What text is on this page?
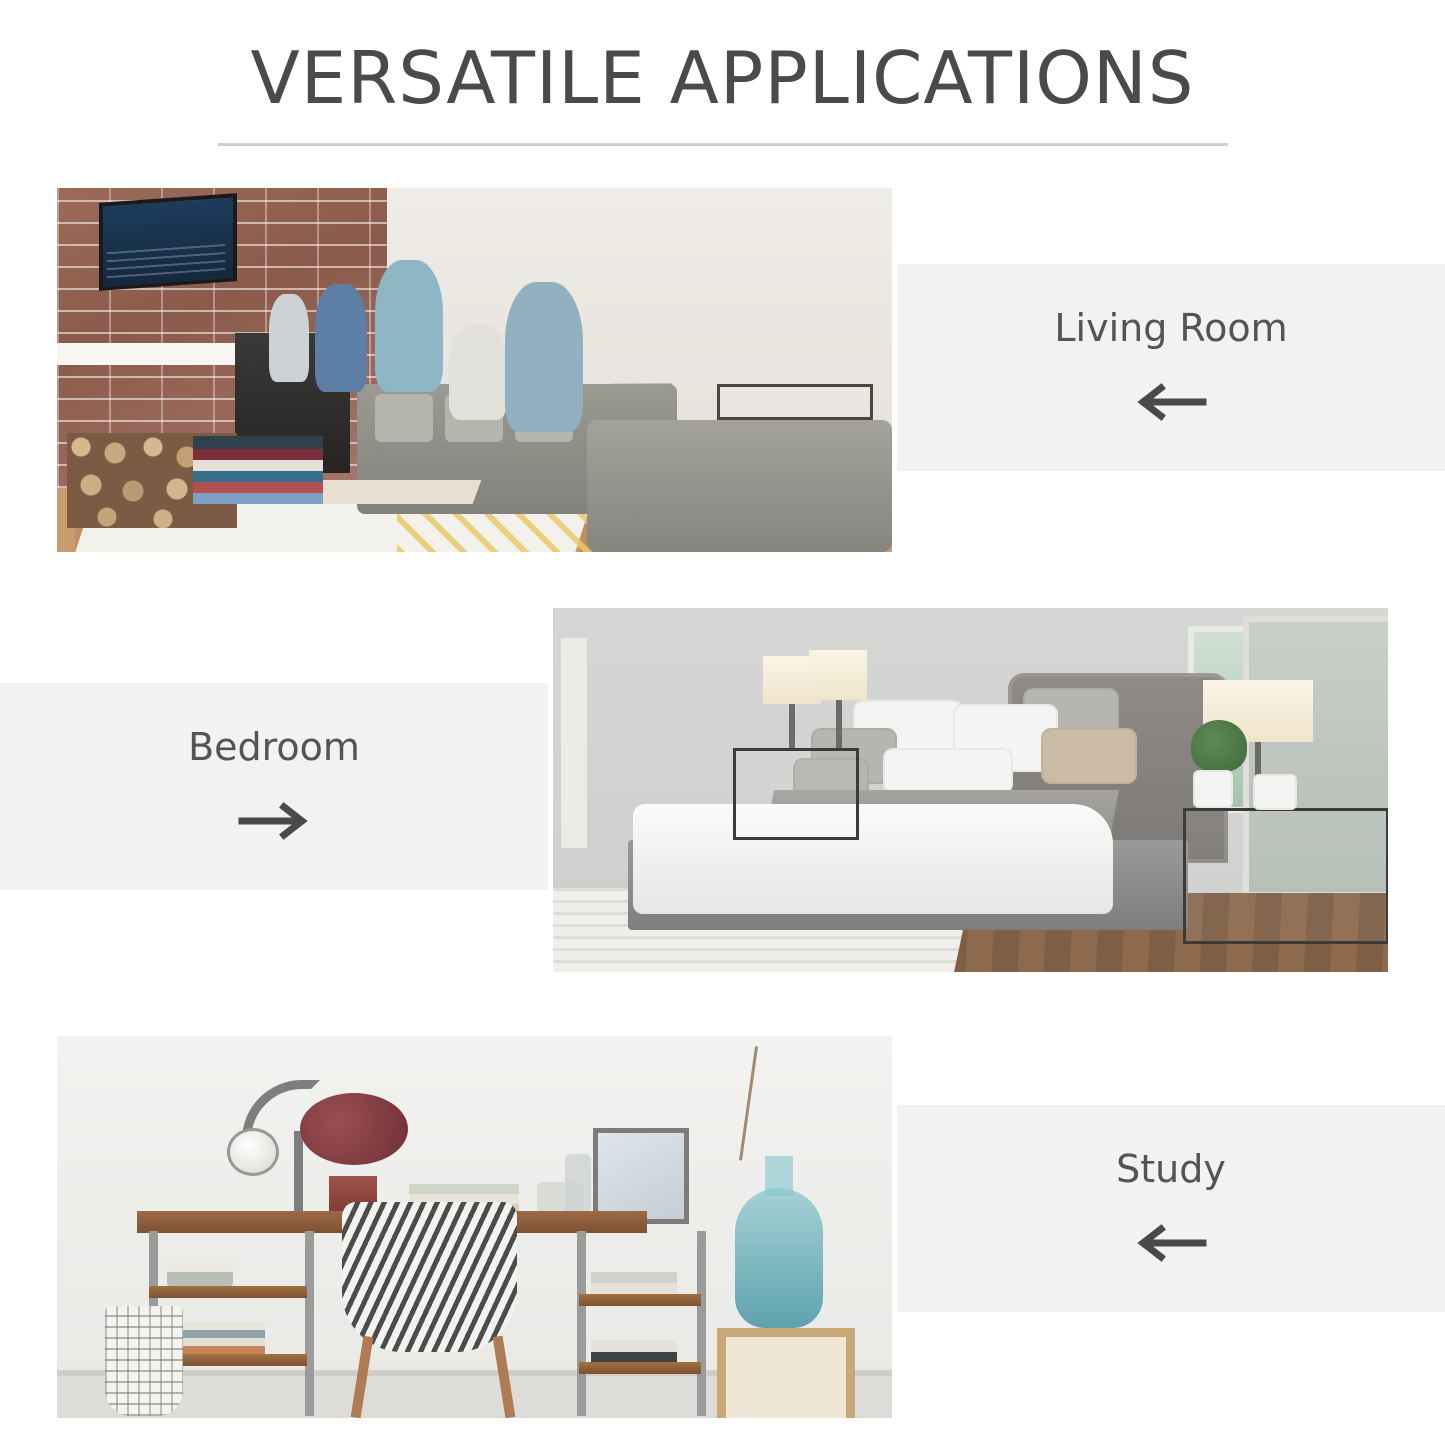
VERSATILE APPLICATIONS
Living Room
Bedroom
Study
